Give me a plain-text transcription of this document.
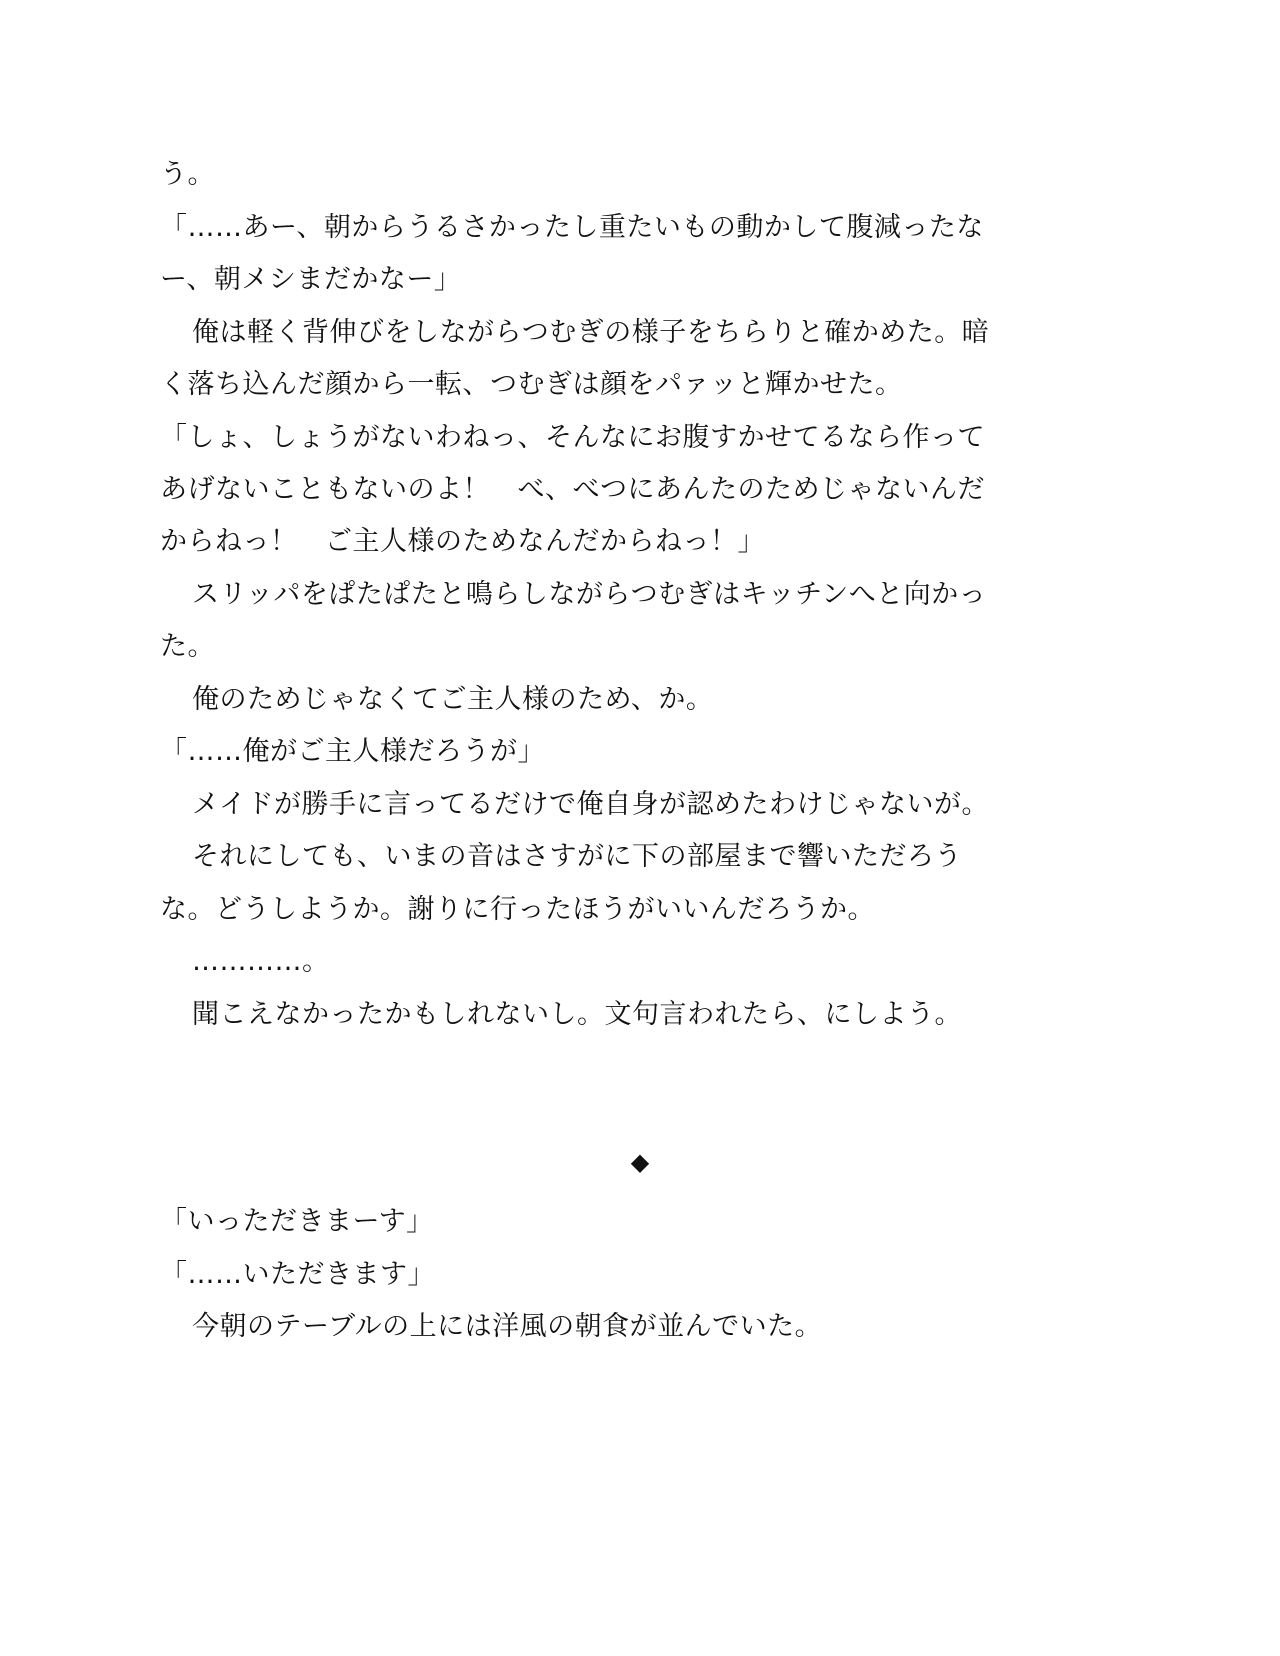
う。
「……あー、朝からうるさかったし重たいもの動かして腹減ったな
ー、朝メシまだかなー」
俺は軽く背伸びをしながらつむぎの様子をちらりと確かめた。暗
く落ち込んだ顔から一転、つむぎは顔をパァッと輝かせた。
「しょ、しょうがないわねっ、そんなにお腹すかせてるなら作って
あげないこともないのよ！　べ、べつにあんたのためじゃないんだ
からねっ！　ご主人様のためなんだからねっ！」
スリッパをぱたぱたと鳴らしながらつむぎはキッチンへと向かっ
た。
俺のためじゃなくてご主人様のため、か。
「……俺がご主人様だろうが」
メイドが勝手に言ってるだけで俺自身が認めたわけじゃないが。
それにしても、いまの音はさすがに下の部屋まで響いただろう
な。どうしようか。謝りに行ったほうがいいんだろうか。
…………。
聞こえなかったかもしれないし。文句言われたら、にしよう。
◆
「いっただきまーす」
「……いただきます」
今朝のテーブルの上には洋風の朝食が並んでいた。
